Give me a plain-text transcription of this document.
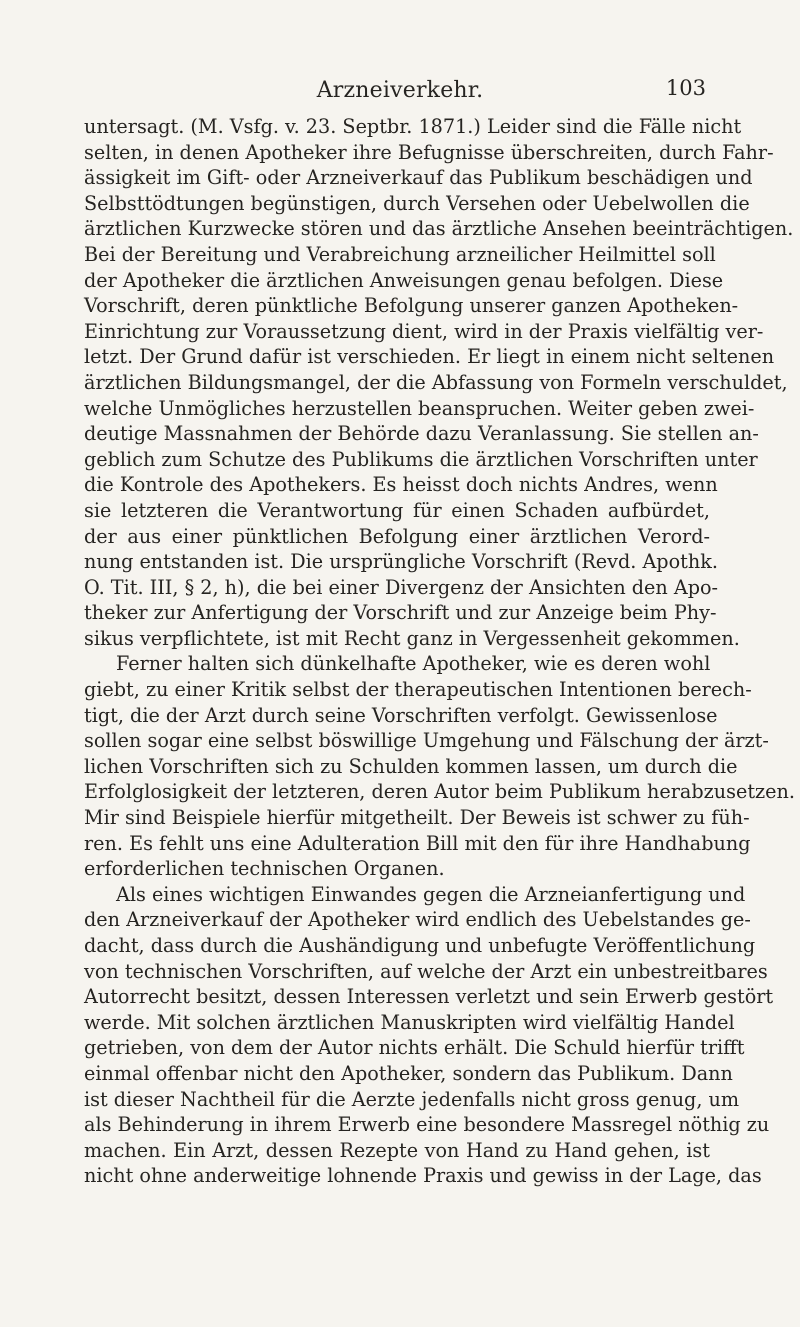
Arzneiverkehr.	103
untersagt. (M. Vsfg. v. 23. Septbr. 1871.) Leider sind die Fälle nicht
selten, in denen Apotheker ihre Befugnisse überschreiten, durch Fahr-
ässigkeit im Gift- oder Arzneiverkauf das Publikum beschädigen und
Selbsttödtungen begünstigen, durch Versehen oder Uebelwollen die
ärztlichen Kurzwecke stören und das ärztliche Ansehen beeinträchtigen.
Bei der Bereitung und Verabreichung arzneilicher Heilmittel soll
der Apotheker die ärztlichen Anweisungen genau befolgen. Diese
Vorschrift, deren pünktliche Befolgung unserer ganzen Apotheken-
Einrichtung zur Voraussetzung dient, wird in der Praxis vielfältig ver-
letzt. Der Grund dafür ist verschieden. Er liegt in einem nicht seltenen
ärztlichen Bildungsmangel, der die Abfassung von Formeln verschuldet,
welche Unmögliches herzustellen beanspruchen. Weiter geben zwei-
deutige Massnahmen der Behörde dazu Veranlassung. Sie stellen an-
geblich zum Schutze des Publikums die ärztlichen Vorschriften unter
die Kontrole des Apothekers. Es heisst doch nichts Andres, wenn
sie letzteren die Verantwortung für einen Schaden aufbürdet,
der aus einer pünktlichen Befolgung einer ärztlichen Verord-
nung entstanden ist. Die ursprüngliche Vorschrift (Revd. Apothk.
O. Tit. III, § 2, h), die bei einer Divergenz der Ansichten den Apo-
theker zur Anfertigung der Vorschrift und zur Anzeige beim Phy-
sikus verpflichtete, ist mit Recht ganz in Vergessenheit gekommen.
Ferner halten sich dünkelhafte Apotheker, wie es deren wohl
giebt, zu einer Kritik selbst der therapeutischen Intentionen berech-
tigt, die der Arzt durch seine Vorschriften verfolgt. Gewissenlose
sollen sogar eine selbst böswillige Umgehung und Fälschung der ärzt-
lichen Vorschriften sich zu Schulden kommen lassen, um durch die
Erfolglosigkeit der letzteren, deren Autor beim Publikum herabzusetzen.
Mir sind Beispiele hierfür mitgetheilt. Der Beweis ist schwer zu füh-
ren. Es fehlt uns eine Adulteration Bill mit den für ihre Handhabung
erforderlichen technischen Organen.
Als eines wichtigen Einwandes gegen die Arzneianfertigung und
den Arzneiverkauf der Apotheker wird endlich des Uebelstandes ge-
dacht, dass durch die Aushändigung und unbefugte Veröffentlichung
von technischen Vorschriften, auf welche der Arzt ein unbestreitbares
Autorrecht besitzt, dessen Interessen verletzt und sein Erwerb gestört
werde. Mit solchen ärztlichen Manuskripten wird vielfältig Handel
getrieben, von dem der Autor nichts erhält. Die Schuld hierfür trifft
einmal offenbar nicht den Apotheker, sondern das Publikum. Dann
ist dieser Nachtheil für die Aerzte jedenfalls nicht gross genug, um
als Behinderung in ihrem Erwerb eine besondere Massregel nöthig zu
machen. Ein Arzt, dessen Rezepte von Hand zu Hand gehen, ist
nicht ohne anderweitige lohnende Praxis und gewiss in der Lage, das
